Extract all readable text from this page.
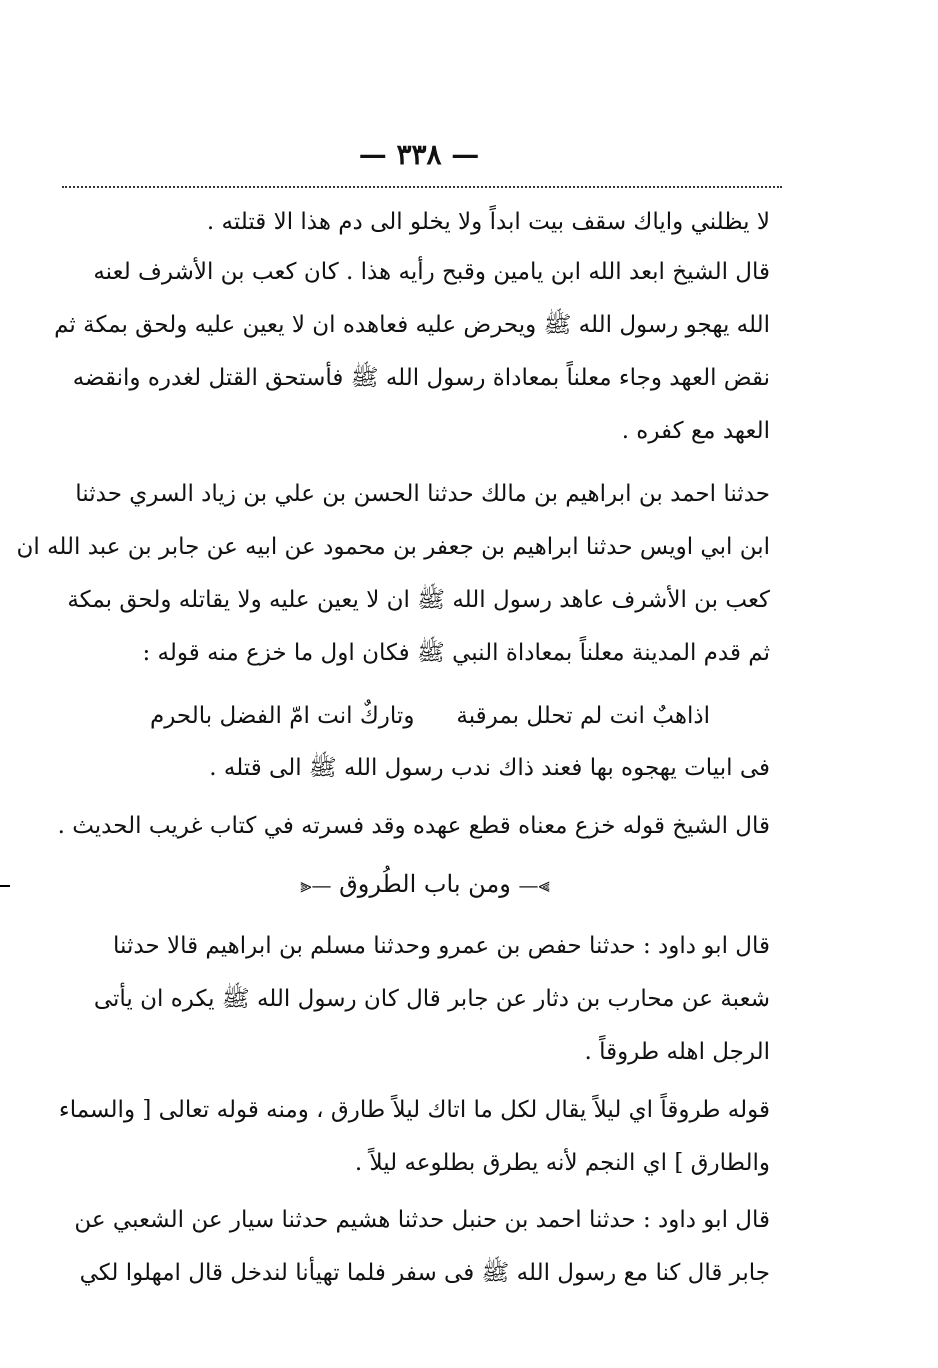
— ٣٣٨ —
لا يظلني واياك سقف بيت ابداً ولا يخلو الى دم هذا الا قتلته .
قال الشيخ ابعد الله ابن يامين وقبح رأيه هذا . كان كعب بن الأشرف لعنه
الله يهجو رسول الله ﷺ ويحرض عليه فعاهده ان لا يعين عليه ولحق بمكة ثم
نقض العهد وجاء معلناً بمعاداة رسول الله ﷺ فأستحق القتل لغدره وانقضه
العهد مع كفره .
حدثنا احمد بن ابراهيم بن مالك حدثنا الحسن بن علي بن زياد السري حدثنا
ابن ابي اويس حدثنا ابراهيم بن جعفر بن محمود عن ابيه عن جابر بن عبد الله ان
كعب بن الأشرف عاهد رسول الله ﷺ ان لا يعين عليه ولا يقاتله ولحق بمكة
ثم قدم المدينة معلناً بمعاداة النبي ﷺ فكان اول ما خزع منه قوله :
اذاهبٌ انت لم تحلل بمرقبة
وتاركٌ انت امّ الفضل بالحرم
فى ابيات يهجوه بها فعند ذاك ندب رسول الله ﷺ الى قتله .
قال الشيخ قوله خزع معناه قطع عهده وقد فسرته في كتاب غريب الحديث .
⫸— ومن باب الطُروق —⫷
قال ابو داود : حدثنا حفص بن عمرو وحدثنا مسلم بن ابراهيم قالا حدثنا
شعبة عن محارب بن دثار عن جابر قال كان رسول الله ﷺ يكره ان يأتى
الرجل اهله طروقاً .
قوله طروقاً اي ليلاً يقال لكل ما اتاك ليلاً طارق ، ومنه قوله تعالى [ والسماء
والطارق ] اي النجم لأنه يطرق بطلوعه ليلاً .
قال ابو داود : حدثنا احمد بن حنبل حدثنا هشيم حدثنا سيار عن الشعبي عن
جابر قال كنا مع رسول الله ﷺ فى سفر فلما تهيأنا لندخل قال امهلوا لكي
